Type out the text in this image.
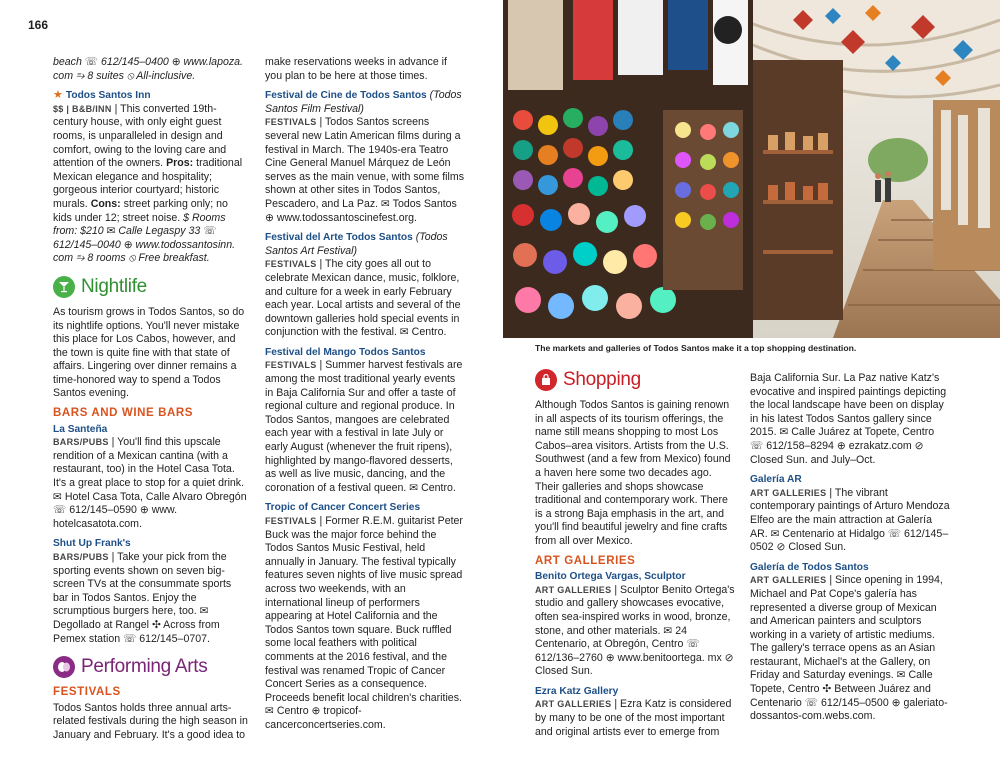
166

beach ☏ 612/145–0400 ⊕ www.lapoza. com ⥱ 8 suites ⦸ All-inclusive.

★ Todos Santos Inn

$$ | B&B/INN | This converted 19th-century house, with only eight guest rooms, is unparalleled in design and comfort, owing to the loving care and attention of the owners. Pros: traditional Mexican elegance and hospitality; gorgeous interior courtyard; historic murals. Cons: street parking only; no kids under 12; street noise. $ Rooms from: $210 ✉ Calle Legaspy 33 ☏ 612/145–0040 ⊕ www.todossantosinn. com ⥱ 8 rooms ⦸ Free breakfast.

Nightlife

As tourism grows in Todos Santos, so do its nightlife options. You'll never mistake this place for Los Cabos, however, and the town is quite fine with that state of affairs. Lingering over dinner remains a time-honored way to spend a Todos Santos evening.

BARS AND WINE BARS
La Santeña

BARS/PUBS | You'll find this upscale rendition of a Mexican cantina (with a restaurant, too) in the Hotel Casa Tota. It's a great place to stop for a quiet drink. ✉ Hotel Casa Tota, Calle Alvaro Obregón ☏ 612/145–0590 ⊕ www. hotelcasatota.com.

Shut Up Frank's

BARS/PUBS | Take your pick from the sporting events shown on seven big-screen TVs at the consummate sports bar in Todos Santos. Enjoy the scrumptious burgers here, too. ✉ Degollado at Rangel ✣ Across from Pemex station ☏ 612/145–0707.

Performing Arts
FESTIVALS

Todos Santos holds three annual arts-related festivals during the high season in January and February. It's a good idea to

make reservations weeks in advance if you plan to be here at those times.

Festival de Cine de Todos Santos (Todos Santos Film Festival)

FESTIVALS | Todos Santos screens several new Latin American films during a festival in March. The 1940s-era Teatro Cine General Manuel Márquez de León serves as the main venue, with some films shown at other sites in Todos Santos, Pescadero, and La Paz. ✉ Todos Santos ⊕ www.todossantoscinefest.org.

Festival del Arte Todos Santos (Todos Santos Art Festival)

FESTIVALS | The city goes all out to celebrate Mexican dance, music, folklore, and culture for a week in early February each year. Local artists and several of the downtown galleries hold special events in conjunction with the festival. ✉ Centro.

Festival del Mango Todos Santos

FESTIVALS | Summer harvest festivals are among the most traditional yearly events in Baja California Sur and offer a taste of regional culture and regional produce. In Todos Santos, mangoes are celebrated each year with a festival in late July or early August (whenever the fruit ripens), highlighted by mango-flavored desserts, as well as live music, dancing, and the coronation of a festival queen. ✉ Centro.

Tropic of Cancer Concert Series

FESTIVALS | Former R.E.M. guitarist Peter Buck was the major force behind the Todos Santos Music Festival, held annually in January. The festival typically features seven nights of live music spread across two weekends, with an international lineup of performers appearing at Hotel California and the Todos Santos town square. Buck ruffled some local feathers with political comments at the 2016 festival, and the festival was renamed Tropic of Cancer Concert Series as a consequence. Proceeds benefit local children's charities. ✉ Centro ⊕ tropicof-cancerconcertseries.com.

The markets and galleries of Todos Santos make it a top shopping destination.
Shopping

Although Todos Santos is gaining renown in all aspects of its tourism offerings, the name still means shopping to most Los Cabos–area visitors. Artists from the U.S. Southwest (and a few from Mexico) found a haven here some two decades ago. Their galleries and shops showcase traditional and contemporary work. There is a strong Baja emphasis in the art, and you'll find beautiful jewelry and fine crafts from all over Mexico.

ART GALLERIES
Benito Ortega Vargas, Sculptor

ART GALLERIES | Sculptor Benito Ortega's studio and gallery showcases evocative, often sea-inspired works in wood, bronze, stone, and other materials. ✉ 24 Centenario, at Obregón, Centro ☏ 612/136–2760 ⊕ www.benitoortega. mx ⊘ Closed Sun.

Ezra Katz Gallery

ART GALLERIES | Ezra Katz is considered by many to be one of the most important and original artists ever to emerge from

Baja California Sur. La Paz native Katz's evocative and inspired paintings depicting the local landscape have been on display in his latest Todos Santos gallery since 2015. ✉ Calle Juárez at Topete, Centro ☏ 612/158–8294 ⊕ ezrakatz.com ⊘ Closed Sun. and July–Oct.

Galería AR

ART GALLERIES | The vibrant contemporary paintings of Arturo Mendoza Elfeo are the main attraction at Galería AR. ✉ Centenario at Hidalgo ☏ 612/145–0502 ⊘ Closed Sun.

Galería de Todos Santos

ART GALLERIES | Since opening in 1994, Michael and Pat Cope's galería has represented a diverse group of Mexican and American painters and sculptors working in a variety of artistic mediums. The gallery's terrace opens as an Asian restaurant, Michael's at the Gallery, on Friday and Saturday evenings. ✉ Calle Topete, Centro ✣ Between Juárez and Centenario ☏ 612/145–0500 ⊕ galeriato-dossantos-com.webs.com.
